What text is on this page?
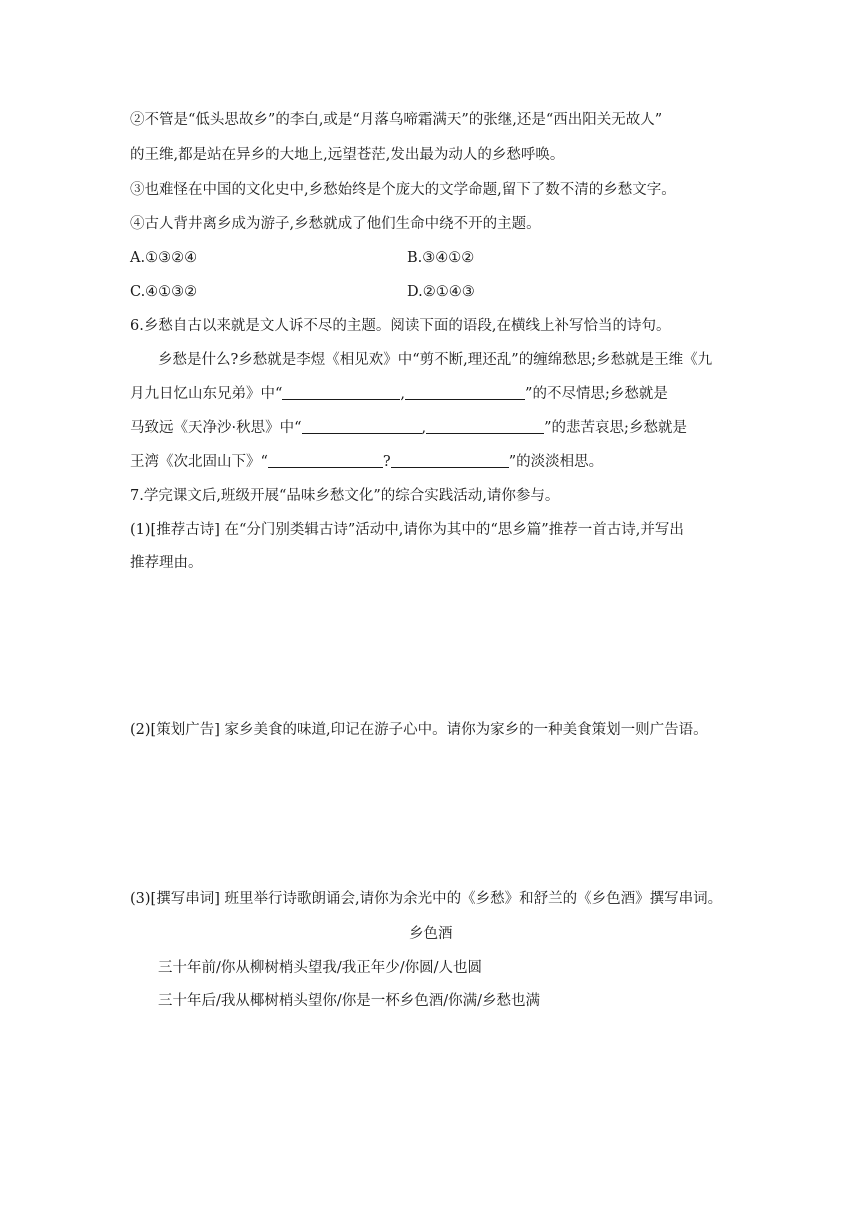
②不管是“低头思故乡”的李白,或是“月落乌啼霜满天”的张继,还是“西出阳关无故人”
的王维,都是站在异乡的大地上,远望苍茫,发出最为动人的乡愁呼唤。
③也难怪在中国的文化史中,乡愁始终是个庞大的文学命题,留下了数不清的乡愁文字。
④古人背井离乡成为游子,乡愁就成了他们生命中绕不开的主题。
A.①③②④	B.③④①②
C.④①③②	D.②①④③
6.乡愁自古以来就是文人诉不尽的主题。阅读下面的语段,在横线上补写恰当的诗句。
乡愁是什么?乡愁就是李煜《相见欢》中“剪不断,理还乱”的缠绵愁思;乡愁就是王维《九
月九日忆山东兄弟》中“	,	”的不尽情思;乡愁就是
马致远《天净沙·秋思》中“	,	”的悲苦哀思;乡愁就是
王湾《次北固山下》“	?	”的淡淡相思。
7.学完课文后,班级开展“品味乡愁文化”的综合实践活动,请你参与。
(1)[推荐古诗] 在“分门别类辑古诗”活动中,请你为其中的“思乡篇”推荐一首古诗,并写出
推荐理由。
(2)[策划广告] 家乡美食的味道,印记在游子心中。请你为家乡的一种美食策划一则广告语。
(3)[撰写串词] 班里举行诗歌朗诵会,请你为余光中的《乡愁》和舒兰的《乡色酒》撰写串词。
乡色酒
三十年前/你从柳树梢头望我/我正年少/你圆/人也圆
三十年后/我从椰树梢头望你/你是一杯乡色酒/你满/乡愁也满
